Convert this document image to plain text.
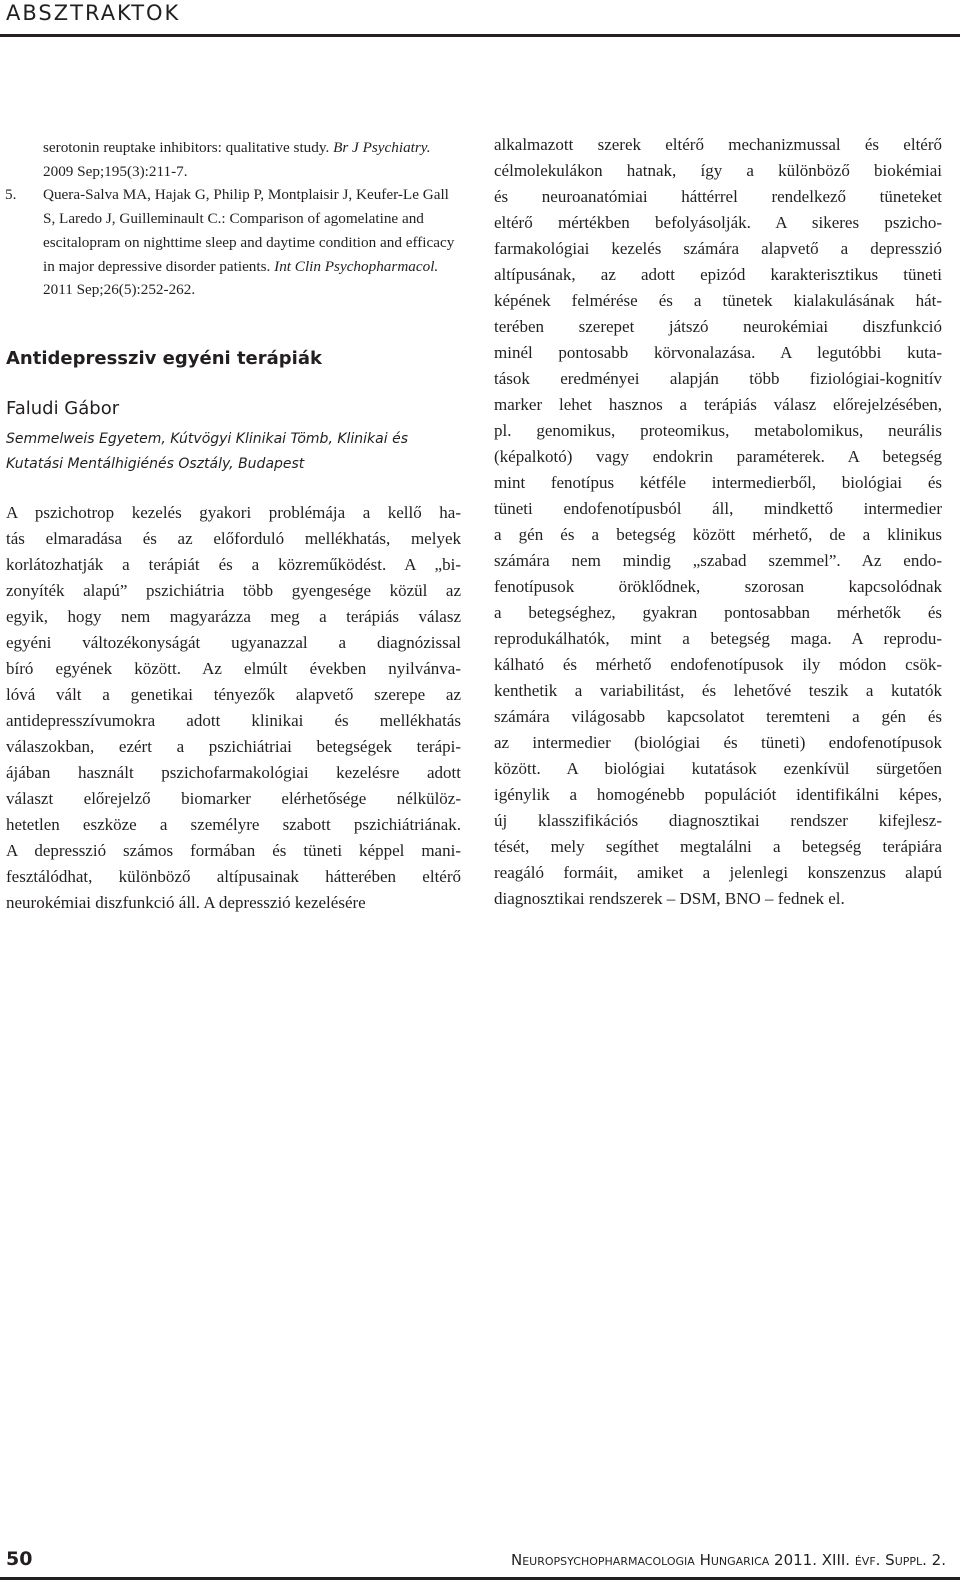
ABSZTRAKTOK
serotonin reuptake inhibitors: qualitative study. Br J Psychiatry. 2009 Sep;195(3):211-7.
5. Quera-Salva MA, Hajak G, Philip P, Montplaisir J, Keufer-Le Gall S, Laredo J, Guilleminault C.: Comparison of agomelatine and escitalopram on nighttime sleep and daytime condition and efficacy in major depressive disorder patients. Int Clin Psychopharmacol. 2011 Sep;26(5):252-262.
Antidepressziv egyéni terápiák
Faludi Gábor
Semmelweis Egyetem, Kútvögyi Klinikai Tömb, Klinikai és
Kutatási Mentálhigiénés Osztály, Budapest
A pszichotrop kezelés gyakori problémája a kellő ha-
tás elmaradása és az előforduló mellékhatás, melyek
korlátozhatják a terápiát és a közreműködést. A „bi-
zonyíték alapú” pszichiátria több gyengesége közül az
egyik, hogy nem magyarázza meg a terápiás válasz
egyéni változékonyságát ugyanazzal a diagnózissal
bíró egyének között. Az elmúlt években nyilvánva-
lóvá vált a genetikai tényezők alapvető szerepe az
antidepresszívumokra adott klinikai és mellékhatás
válaszokban, ezért a pszichiátriai betegségek terápi-
ájában használt pszichofarmakológiai kezelésre adott
választ előrejelző biomarker elérhetősége nélkülöz-
hetetlen eszköze a személyre szabott pszichiátriának.
A depresszió számos formában és tüneti képpel mani-
fesztálódhat, különböző altípusainak hátterében eltérő
neurokémiai diszfunkció áll. A depresszió kezelésére
alkalmazott szerek eltérő mechanizmussal és eltérő
célmolekulákon hatnak, így a különböző biokémiai
és neuroanatómiai háttérrel rendelkező tüneteket
eltérő mértékben befolyásolják. A sikeres pszicho-
farmakológiai kezelés számára alapvető a depresszió
altípusának, az adott epizód karakterisztikus tüneti
képének felmérése és a tünetek kialakulásának hát-
terében szerepet játszó neurokémiai diszfunkció
minél pontosabb körvonalazása. A legutóbbi kuta-
tások eredményei alapján több fiziológiai-kognitív
marker lehet hasznos a terápiás válasz előrejelzésében,
pl. genomikus, proteomikus, metabolomikus, neurális
(képalkotó) vagy endokrin paraméterek. A betegség
mint fenotípus kétféle intermedierből, biológiai és
tüneti endofenotípusból áll, mindkettő intermedier
a gén és a betegség között mérhető, de a klinikus
számára nem mindig „szabad szemmel”. Az endo-
fenotípusok öröklődnek, szorosan kapcsolódnak
a betegséghez, gyakran pontosabban mérhetők és
reprodukálhatók, mint a betegség maga. A reprodu-
kálható és mérhető endofenotípusok ily módon csök-
kenthetik a variabilitást, és lehetővé teszik a kutatók
számára világosabb kapcsolatot teremteni a gén és
az intermedier (biológiai és tüneti) endofenotípusok
között. A biológiai kutatások ezenkívül sürgetően
igénylik a homogénebb populációt identifikálni képes,
új klasszifikációs diagnosztikai rendszer kifejlesz-
tését, mely segíthet megtalálni a betegség terápiára
reagáló formáit, amiket a jelenlegi konszenzus alapú
diagnosztikai rendszerek – DSM, BNO – fednek el.
50	Neuropsychopharmacologia Hungarica 2011. XIII. évf. Suppl. 2.
